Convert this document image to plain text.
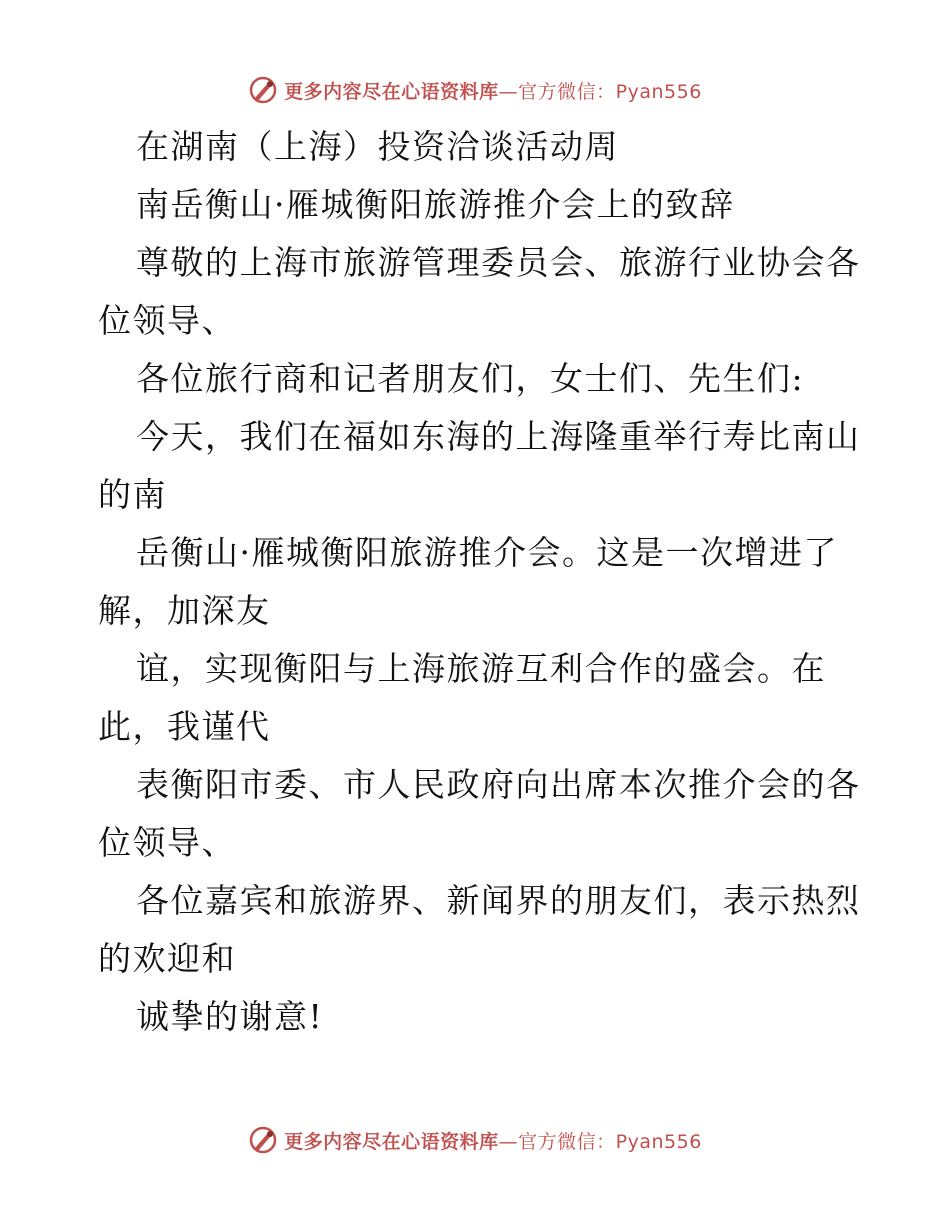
更多内容尽在心语资料库—官方微信：Pyan556
在湖南（上海）投资洽谈活动周
南岳衡山·雁城衡阳旅游推介会上的致辞
尊敬的上海市旅游管理委员会、旅游行业协会各
位领导、
各位旅行商和记者朋友们，女士们、先生们:
今天，我们在福如东海的上海隆重举行寿比南山
的南
岳衡山·雁城衡阳旅游推介会。这是一次增进了
解，加深友
谊，实现衡阳与上海旅游互利合作的盛会。在
此，我谨代
表衡阳市委、市人民政府向出席本次推介会的各
位领导、
各位嘉宾和旅游界、新闻界的朋友们，表示热烈
的欢迎和
诚挚的谢意!
更多内容尽在心语资料库—官方微信：Pyan556
